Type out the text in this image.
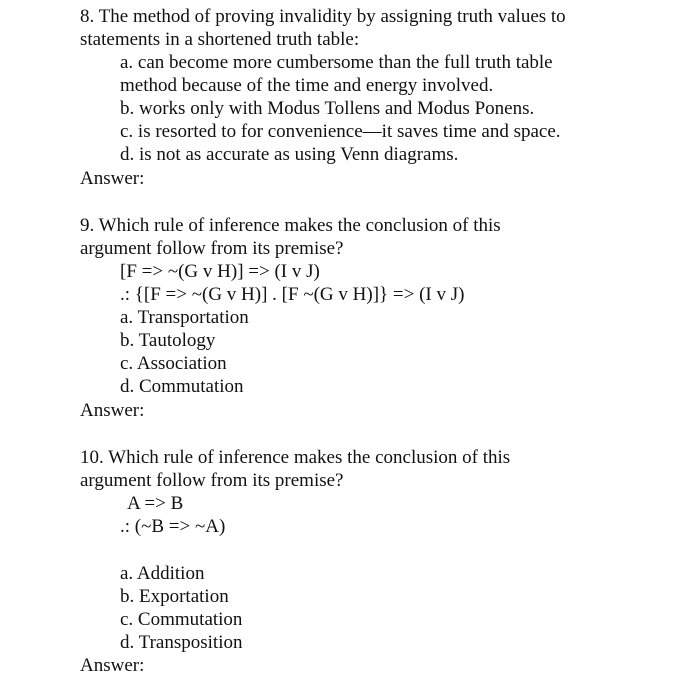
8. The method of proving invalidity by assigning truth values to
statements in a shortened truth table:
a. can become more cumbersome than the full truth table
method because of the time and energy involved.
b. works only with Modus Tollens and Modus Ponens.
c. is resorted to for convenience—it saves time and space.
d. is not as accurate as using Venn diagrams.
Answer:
9. Which rule of inference makes the conclusion of this
argument follow from its premise?
[F => ~(G v H)] => (I v J)
.: {[F => ~(G v H)] . [F ~(G v H)]} => (I v J)
a. Transportation
b. Tautology
c. Association
d. Commutation
Answer:
10. Which rule of inference makes the conclusion of this
argument follow from its premise?
A => B
.: (~B => ~A)
a. Addition
b. Exportation
c. Commutation
d. Transposition
Answer:
